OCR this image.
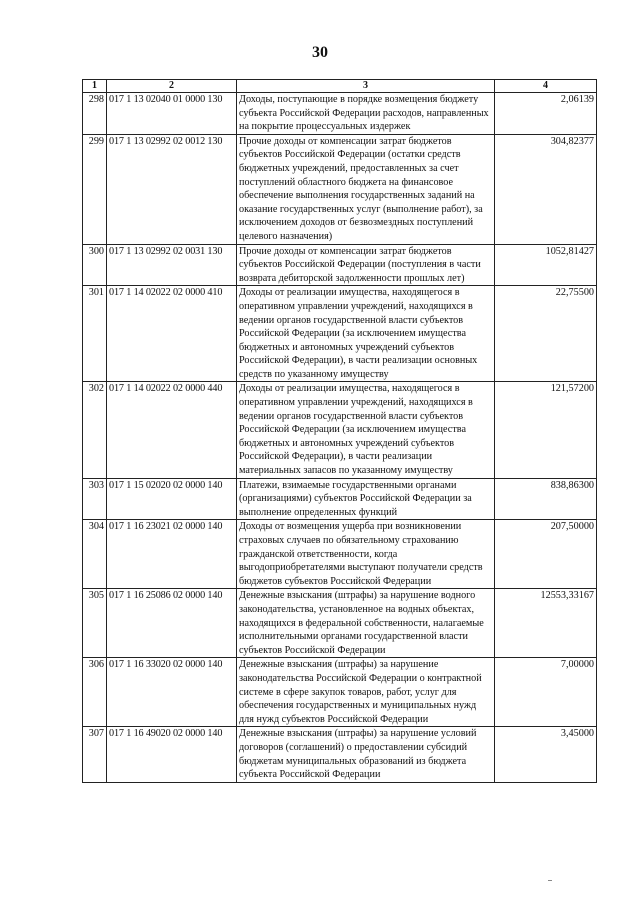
30
1	2	3	4
298	017 1 13 02040 01 0000 130	Доходы, поступающие в порядке возмещения бюджету субъекта Российской Федерации расходов, направленных на покрытие процессуальных издержек	2,06139
299	017 1 13 02992 02 0012 130	Прочие доходы от компенсации затрат бюджетов субъектов Российской Федерации (остатки средств бюджетных учреждений, предоставленных за счет поступлений областного бюджета на финансовое обеспечение выполнения государственных заданий на оказание государственных услуг (выполнение работ), за исключением доходов от безвозмездных поступлений целевого назначения)	304,82377
300	017 1 13 02992 02 0031 130	Прочие доходы от компенсации затрат бюджетов субъектов Российской Федерации (поступления в части возврата дебиторской задолженности прошлых лет)	1052,81427
301	017 1 14 02022 02 0000 410	Доходы от реализации имущества, находящегося в оперативном управлении учреждений, находящихся в ведении органов государственной власти субъектов Российской Федерации (за исключением имущества бюджетных и автономных учреждений субъектов Российской Федерации), в части реализации основных средств по указанному имуществу	22,75500
302	017 1 14 02022 02 0000 440	Доходы от реализации имущества, находящегося в оперативном управлении учреждений, находящихся в ведении органов государственной власти субъектов Российской Федерации (за исключением имущества бюджетных и автономных учреждений субъектов Российской Федерации), в части реализации материальных запасов по указанному имуществу	121,57200
303	017 1 15 02020 02 0000 140	Платежи, взимаемые государственными органами (организациями) субъектов Российской Федерации за выполнение определенных функций	838,86300
304	017 1 16 23021 02 0000 140	Доходы от возмещения ущерба при возникновении страховых случаев по обязательному страхованию гражданской ответственности, когда выгодоприобретателями выступают получатели средств бюджетов субъектов Российской Федерации	207,50000
305	017 1 16 25086 02 0000 140	Денежные взыскания (штрафы) за нарушение водного законодательства, установленное на водных объектах, находящихся в федеральной собственности, налагаемые исполнительными органами государственной власти субъектов Российской Федерации	12553,33167
306	017 1 16 33020 02 0000 140	Денежные взыскания (штрафы) за нарушение законодательства Российской Федерации о контрактной системе в сфере закупок товаров, работ, услуг для обеспечения государственных и муниципальных нужд для нужд субъектов Российской Федерации	7,00000
307	017 1 16 49020 02 0000 140	Денежные взыскания (штрафы) за нарушение условий договоров (соглашений) о предоставлении субсидий бюджетам муниципальных образований из бюджета субъекта Российской Федерации	3,45000
